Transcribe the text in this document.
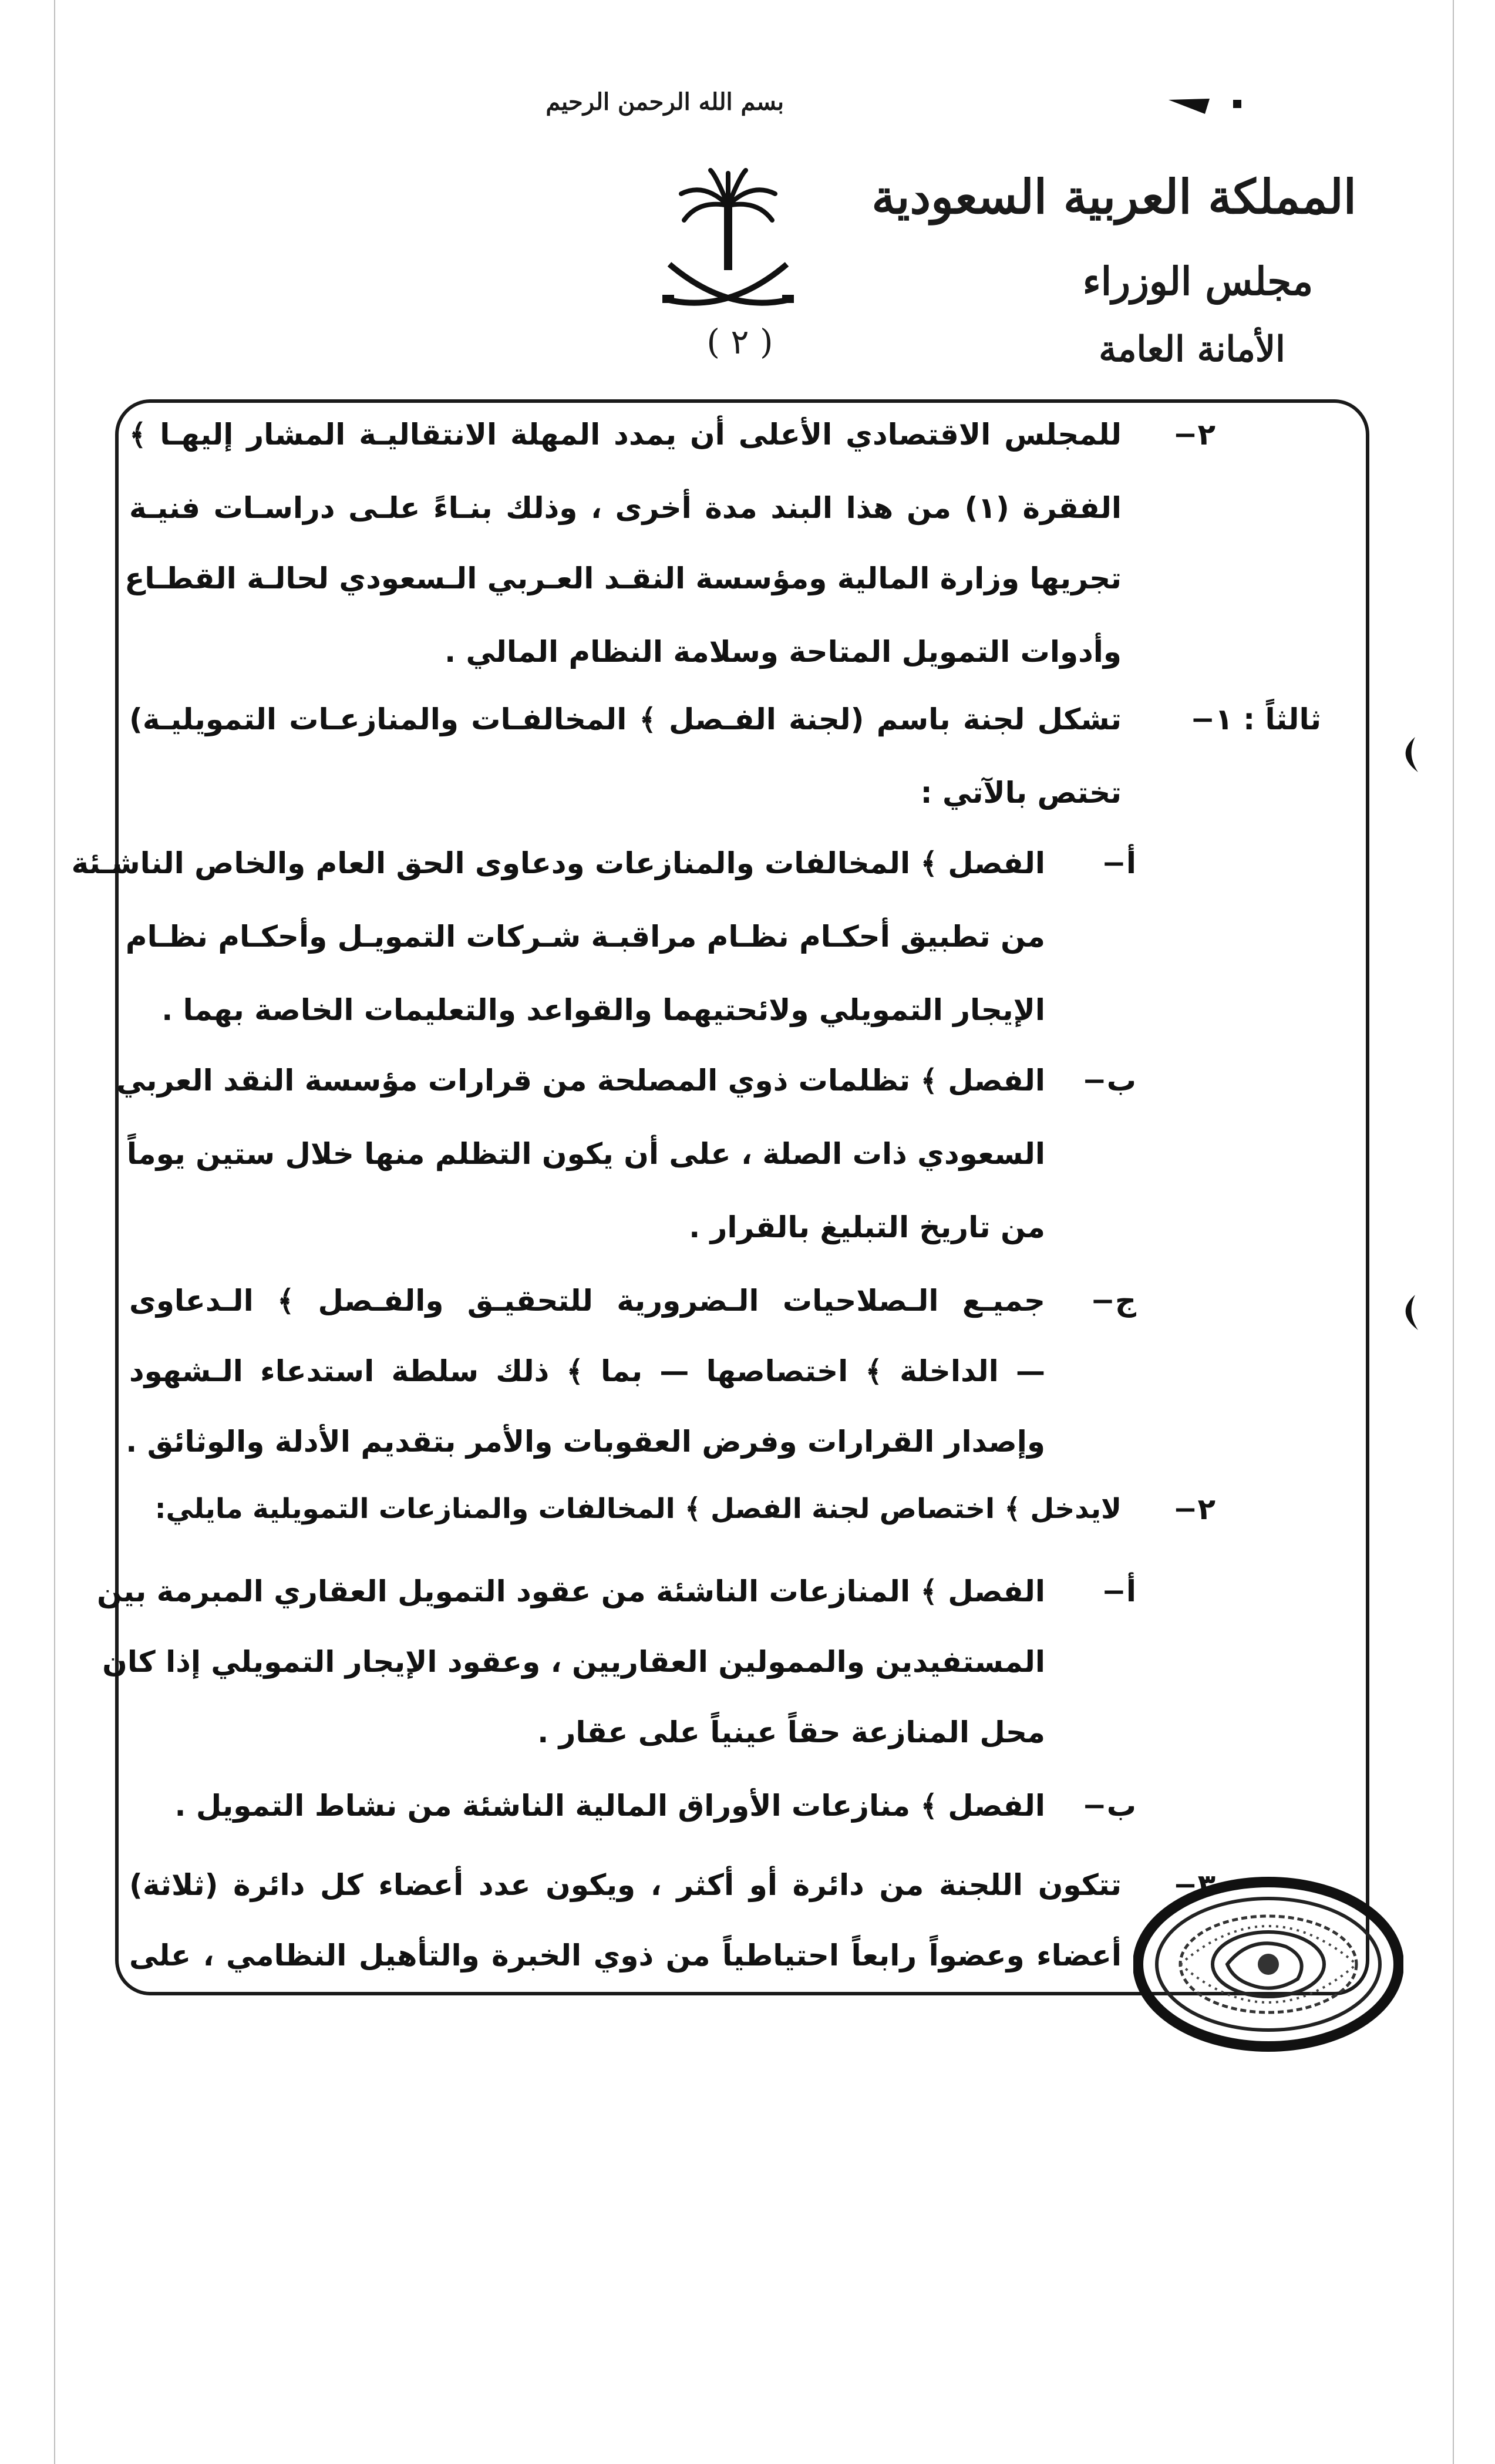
بسم الله الرحمن الرحيم
المملكة العربية السعودية
مجلس الوزراء
الأمانة العامة
( ٢ )
٢−
ثالثاً : ١−
أ−
ب−
ج−
٢−
أ−
ب−
٣−
للمجلس الاقتصادي الأعلى أن يمدد المهلة الانتقاليـة المشار إليهـا ﴾
الفقرة (١) من هذا البند مدة أخرى ، وذلك بنـاءً علـى دراسـات فنيـة
تجريها وزارة المالية ومؤسسة النقـد العـربي الـسعودي لحالـة القطـاع
وأدوات التمويل المتاحة وسلامة النظام المالي .
تشكل لجنة باسم (لجنة الفـصل ﴾ المخالفـات والمنازعـات التمويليـة)
تختص بالآتي :
الفصل ﴾ المخالفات والمنازعات ودعاوى الحق العام والخاص الناشـئة
من تطبيق أحكـام نظـام مراقبـة شـركات التمويـل وأحكـام نظـام
الإيجار التمويلي ولائحتيهما والقواعد والتعليمات الخاصة بهما .
الفصل ﴾ تظلمات ذوي المصلحة من قرارات مؤسسة النقد العربي
السعودي ذات الصلة ، على أن يكون التظلم منها خلال ستين يوماً
من تاريخ التبليغ بالقرار .
جميـع الـصلاحيات الـضرورية للتحقيـق والفـصل ﴾ الـدعاوى
— الداخلة ﴾ اختصاصها — بما ﴾ ذلك سلطة استدعاء الـشهود
وإصدار القرارات وفرض العقوبات والأمر بتقديم الأدلة والوثائق .
لايدخل ﴾ اختصاص لجنة الفصل ﴾ المخالفات والمنازعات التمويلية مايلي:
الفصل ﴾ المنازعات الناشئة من عقود التمويل العقاري المبرمة بين
المستفيدين والممولين العقاريين ، وعقود الإيجار التمويلي إذا كان
محل المنازعة حقاً عينياً على عقار .
الفصل ﴾ منازعات الأوراق المالية الناشئة من نشاط التمويل .
تتكون اللجنة من دائرة أو أكثر ، ويكون عدد أعضاء كل دائرة (ثلاثة)
أعضاء وعضواً رابعاً احتياطياً من ذوي الخبرة والتأهيل النظامي ، على
